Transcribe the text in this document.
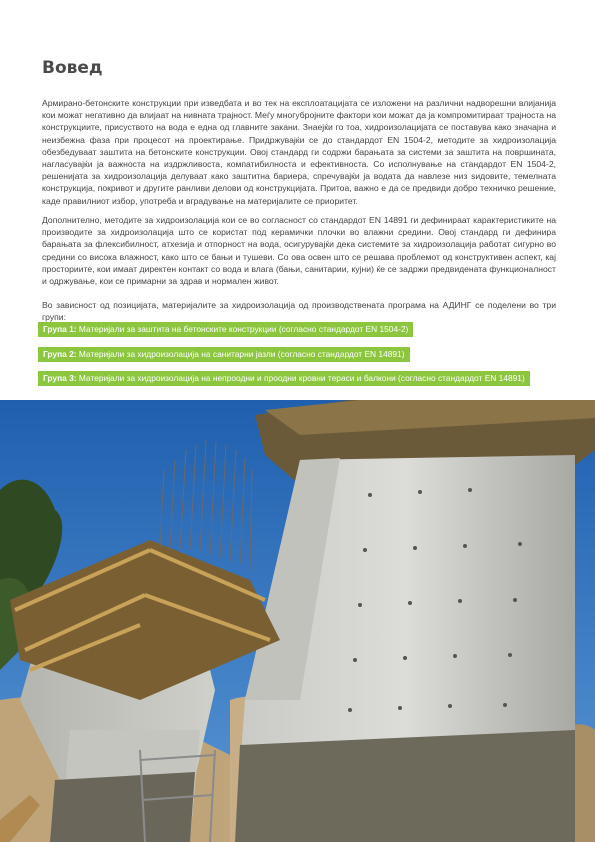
Вовед

Армирано-бетонските конструкции при изведбата и во тек на експлоатацијата се изложени на различни надворешни влијанија кои можат негативно да влијаат на нивната трајност. Меѓу многубројните фактори кои можат да ја компромитираат трајноста на конструкциите, присуството на вода е една од главните закани. Знаејќи го тоа, хидроизолацијата се поставува како значајна и неизбежна фаза при процесот на проектирање. Придржувајќи се до стандардот EN 1504-2, методите за хидроизолација обезбедуваат заштита на бетонските конструкции. Овој стандард ги содржи барањата за системи за заштита на површината, нагласувајќи ја важноста на издржливоста, компатибилноста и ефективноста. Со исполнување на стандардот EN 1504-2, решенијата за хидроизолација делуваат како заштитна бариера, спречувајќи ја водата да навлезе низ ѕидовите, темелната конструкција, покривот и другите ранливи делови од конструкцијата. Притоа, важно е да се предвиди добро техничко решение, каде правилниот избор, употреба и вградување на материјалите се приоритет.

Дополнително, методите за хидроизолација кои се во согласност со стандардот EN 14891 ги дефинираат карактеристиките на производите за хидроизолација што се користат под керамички плочки во влажни средини. Овој стандард ги дефинира барањата за флексибилност, атхезија и отпорност на вода, осигурувајќи дека системите за хидроизолација работат сигурно во средини со висока влажност, како што се бањи и тушеви. Со ова освен што се решава проблемот од конструктивен аспект, кај просториите, кои имаат директен контакт со вода и влага (бањи, санитарии, кујни) ќе се задржи предвидената функционалност и одржување, кои се примарни за здрав и нормален живот.

Во зависност од позицијата, материјалите за хидроизолација од производствената програма на АДИНГ се поделени во три групи:

Група 1: Материјали за заштита на бетонските конструкции (согласно стандардот EN 1504-2)
Група 2: Материјали за хидроизолација на санитарни јазли (согласно стандардот EN 14891)
Група 3: Материјали за хидроизолација на непроодни и проодни кровни тераси и балкони (согласно стандардот EN 14891)
